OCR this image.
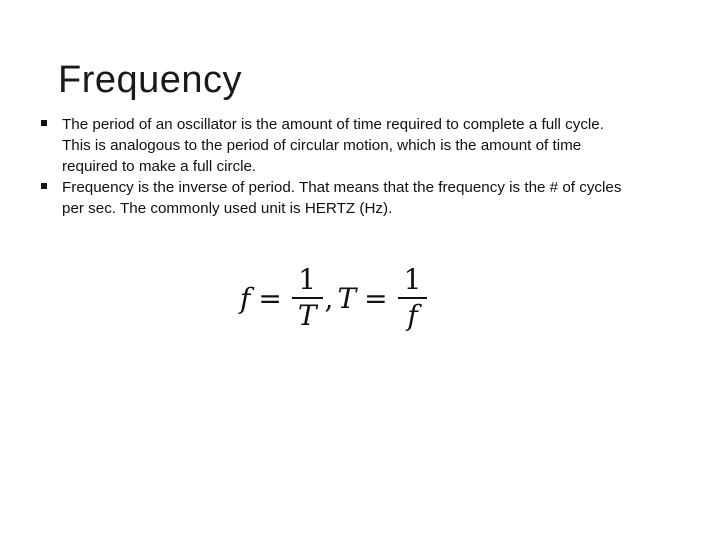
Frequency
The period of an oscillator is the amount of time required to complete a full cycle. This is analogous to the period of circular motion, which is the amount of time required to make a full circle.
Frequency is the inverse of period. That means that the frequency is the # of cycles per sec. The commonly used unit is HERTZ (Hz).
$f = \frac{1}{T}$ , $T = \frac{1}{f}$
